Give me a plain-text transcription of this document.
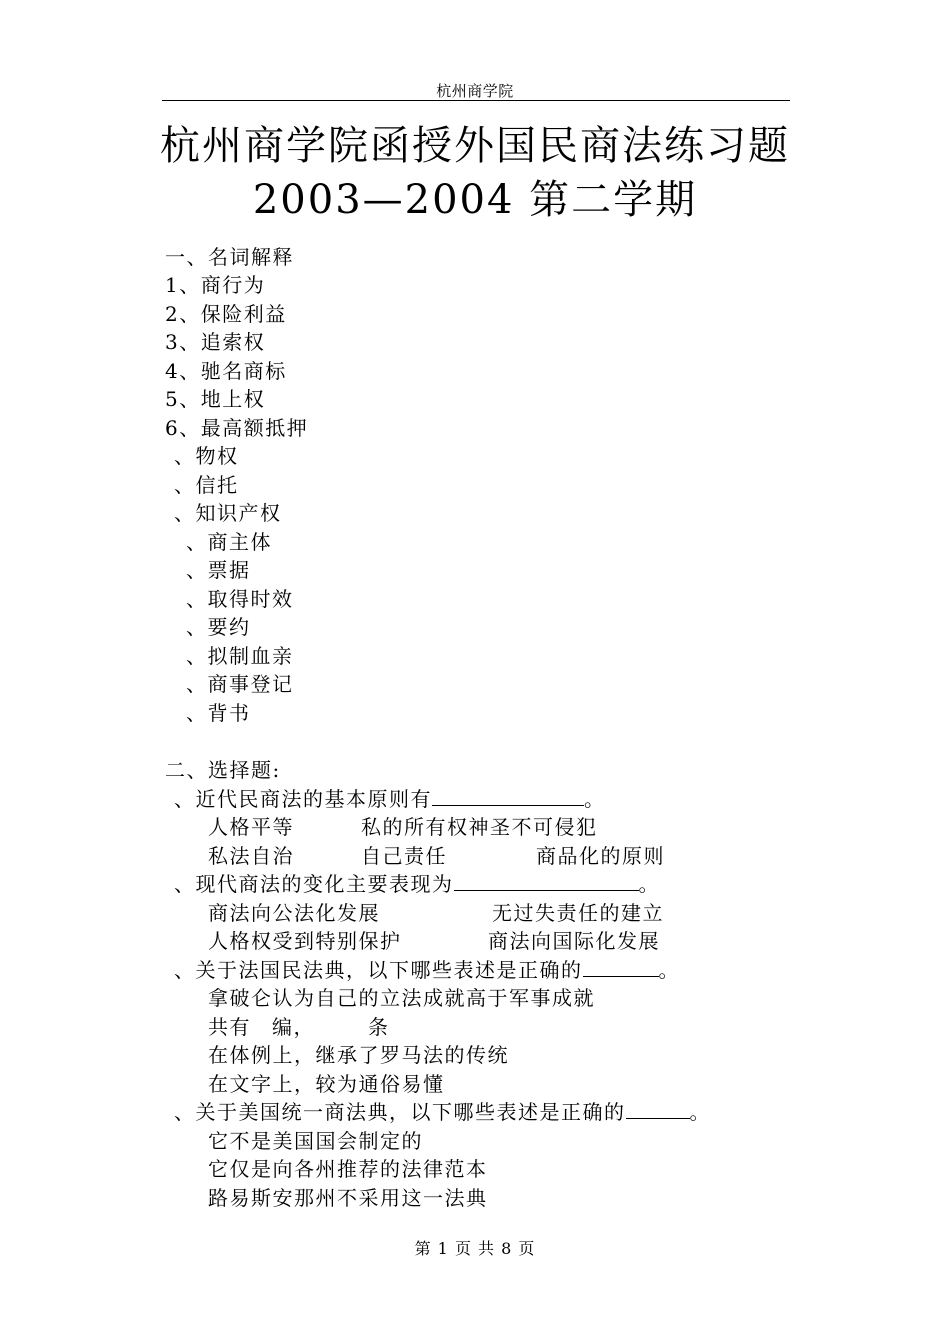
杭州商学院
杭州商学院函授外国民商法练习题
2003—2004 第二学期
一、名词解释
1、商行为
2、保险利益
3、追索权
4、驰名商标
5、地上权
6、最高额抵押
、物权
、信托
、知识产权
、商主体
、票据
、取得时效
、要约
、拟制血亲
、商事登记
、背书
二、选择题:
、近代民商法的基本原则有	。
人格平等	私的所有权神圣不可侵犯
私法自治	自己责任	商品化的原则
、现代商法的变化主要表现为	。
商法向公法化发展	无过失责任的建立
人格权受到特别保护	商法向国际化发展
、关于法国民法典，以下哪些表述是正确的	。
拿破仑认为自己的立法成就高于军事成就
共有 编，	条
在体例上，继承了罗马法的传统
在文字上，较为通俗易懂
、关于美国统一商法典，以下哪些表述是正确的	。
它不是美国国会制定的
它仅是向各州推荐的法律范本
路易斯安那州不采用这一法典
第 1 页 共 8 页
